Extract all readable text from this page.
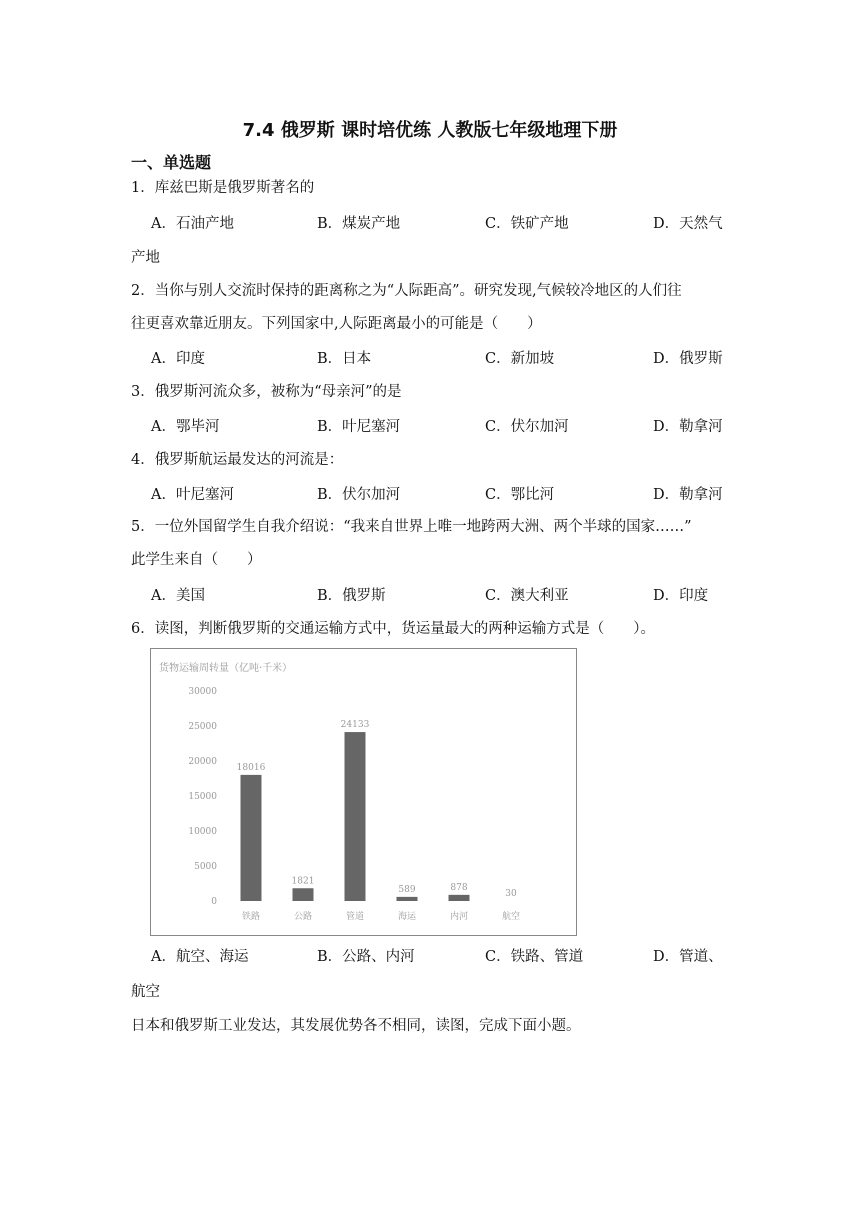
7.4 俄罗斯 课时培优练 人教版七年级地理下册
一、单选题
1．库兹巴斯是俄罗斯著名的
A．石油产地	B．煤炭产地	C．铁矿产地	D．天然气
产地
2．当你与别人交流时保持的距离称之为“人际距高”。研究发现,气候较冷地区的人们往
往更喜欢靠近朋友。下列国家中,人际距离最小的可能是（　　）
A．印度	B．日本	C．新加坡	D．俄罗斯
3．俄罗斯河流众多，被称为“母亲河”的是
A．鄂毕河	B．叶尼塞河	C．伏尔加河	D．勒拿河
4．俄罗斯航运最发达的河流是：
A．叶尼塞河	B．伏尔加河	C．鄂比河	D．勒拿河
5．一位外国留学生自我介绍说：“我来自世界上唯一地跨两大洲、两个半球的国家……”
此学生来自（　　）
A．美国	B．俄罗斯	C．澳大利亚	D．印度
6．读图，判断俄罗斯的交通运输方式中，货运量最大的两种运输方式是（　　）。
货物运输周转量（亿吨·千米）
0
5000
10000
15000
20000
25000
30000
18016
铁路
1821
公路
24133
管道
589
海运
878
内河
30
航空
A．航空、海运	B．公路、内河	C．铁路、管道	D．管道、
航空
日本和俄罗斯工业发达，其发展优势各不相同，读图，完成下面小题。
